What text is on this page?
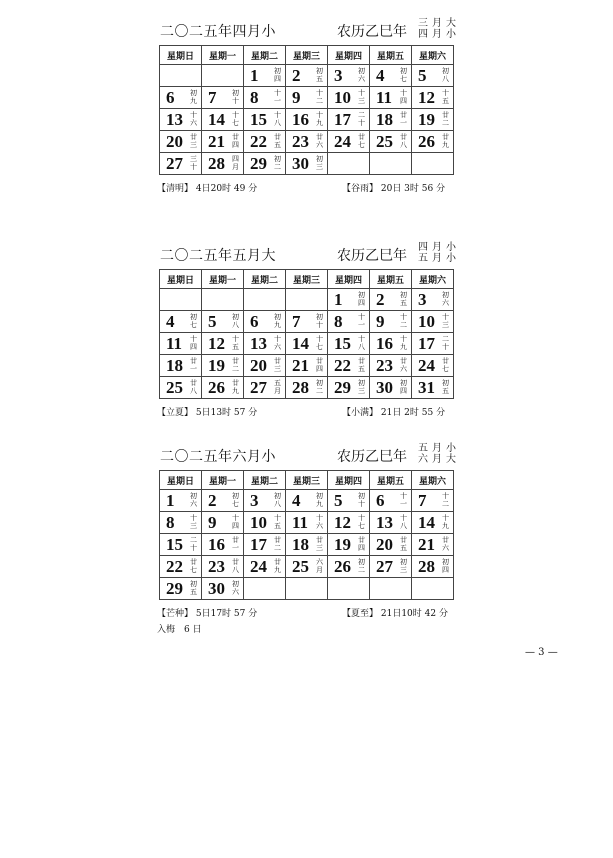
二〇二五年四月小	农历乙巳年
三
四
月
月
大
小
星期日	星期一	星期二	星期三	星期四	星期五	星期六

		1 初四	2 初五	3 初六	4 初七	5 初八

6 初九	7 初十	8 十一	9 十二	10 十三	11 十四	12 十五

13 十六	14 十七	15 十八	16 十九	17 二十	18 廿一	19 廿二

20 廿三	21 廿四	22 廿五	23 廿六	24 廿七	25 廿八	26 廿九

27 三十	28 四月	29 初二	30 初三			

【清明】 4日20时 49 分	【谷雨】 20日 3时 56 分
二〇二五年五月大	农历乙巳年
四
五
月
月
小
小
星期日	星期一	星期二	星期三	星期四	星期五	星期六

				1 初四	2 初五	3 初六

4 初七	5 初八	6 初九	7 初十	8 十一	9 十二	10 十三

11 十四	12 十五	13 十六	14 十七	15 十八	16 十九	17 二十

18 廿一	19 廿二	20 廿三	21 廿四	22 廿五	23 廿六	24 廿七

25 廿八	26 廿九	27 五月	28 初二	29 初三	30 初四	31 初五
【立夏】 5日13时 57 分	【小满】 21日 2时 55 分
二〇二五年六月小	农历乙巳年
五
六
月
月
小
大
星期日	星期一	星期二	星期三	星期四	星期五	星期六

1 初六	2 初七	3 初八	4 初九	5 初十	6 十一	7 十二

8 十三	9 十四	10 十五	11 十六	12 十七	13 十八	14 十九

15 二十	16 廿一	17 廿二	18 廿三	19 廿四	20 廿五	21 廿六

22 廿七	23 廿八	24 廿九	25 六月	26 初二	27 初三	28 初四

29 初五	30 初六					

【芒种】 5日17时 57 分	【夏至】 21日10时 42 分
入梅　6 日
— 3 —
